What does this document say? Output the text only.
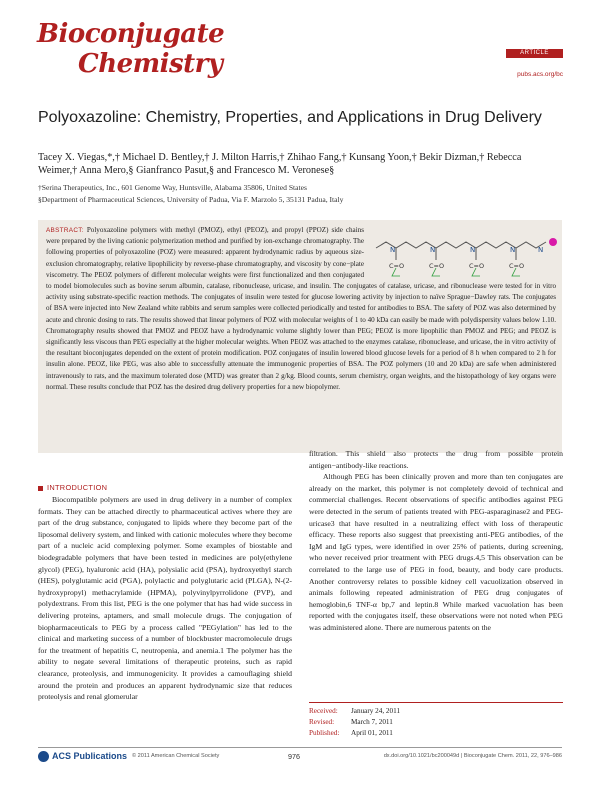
Bioconjugate
Chemistry	ARTICLE
pubs.acs.org/bc
Polyoxazoline: Chemistry, Properties, and Applications in Drug Delivery
Tacey X. Viegas,*,† Michael D. Bentley,† J. Milton Harris,† Zhihao Fang,† Kunsang Yoon,† Bekir Dizman,† Rebecca Weimer,† Anna Mero,§ Gianfranco Pasut,§ and Francesco M. Veronese§
†Serina Therapeutics, Inc., 601 Genome Way, Huntsville, Alabama 35806, United States
§Department of Pharmaceutical Sciences, University of Padua, Via F. Marzolo 5, 35131 Padua, Italy
ABSTRACT: Polyoxazoline polymers with methyl (PMOZ), ethyl (PEOZ), and propyl (PPOZ) side chains were prepared by the living cationic polymerization method and purified by ion-exchange chromatography. The following properties of polyoxazoline (POZ) were measured: apparent hydrodynamic radius by aqueous size-exclusion chromatography, relative lipophilicity by reverse-phase chromatography, and viscosity by cone−plate viscometry. The PEOZ polymers of different molecular weights were first functionalized and then conjugated to model biomolecules such as bovine serum albumin, catalase, ribonuclease, uricase, and insulin. The conjugates of catalase, uricase, and ribonuclease were tested for in vitro activity using substrate-specific reaction methods. The conjugates of insulin were tested for glucose lowering activity by injection to naïve Sprague−Dawley rats. The conjugates of BSA were injected into New Zealand white rabbits and serum samples were collected periodically and tested for antibodies to BSA. The safety of POZ was also determined by acute and chronic dosing to rats. The results showed that linear polymers of POZ with molecular weights of 1 to 40 kDa can easily be made with polydispersity values below 1.10. Chromatography results showed that PMOZ and PEOZ have a hydrodynamic volume slightly lower than PEG; PEOZ is more lipophilic than PMOZ and PEG; and PEOZ is significantly less viscous than PEG especially at the higher molecular weights. When PEOZ was attached to the enzymes catalase, ribonuclease, and uricase, the in vitro activity of the resultant bioconjugates depended on the extent of protein modification. POZ conjugates of insulin lowered blood glucose levels for a period of 8 h when compared to 2 h for insulin alone. PEOZ, like PEG, was also able to successfully attenuate the immunogenic properties of BSA. The POZ polymers (10 and 20 kDa) are safe when administered intravenously to rats, and the maximum tolerated dose (MTD) was greater than 2 g/kg. Blood counts, serum chemistry, organ weights, and the histopathology of key organs were normal. These results conclude that POZ has the desired drug delivery properties for a new biopolymer.
N	N	N	N	N
C=O	C=O	C=O	C=O
INTRODUCTION

Biocompatible polymers are used in drug delivery in a number of complex formats. They can be attached directly to pharmaceutical actives where they are part of the drug substance, conjugated to lipids where they become part of the liposomal delivery system, and linked with cationic molecules where they become part of a nucleic acid complexing polymer. Some examples of biostable and biodegradable polymers that have been tested in medicines are poly(ethylene glycol) (PEG), hyaluronic acid (HA), polysialic acid (PSA), hydroxyethyl starch (HES), polyglutamic acid (PGA), polylactic and polyglutaric acid (PLGA), N-(2-hydroxypropyl) methacrylamide (HPMA), polyvinylpyrrolidone (PVP), and polydextrans. From this list, PEG is the one polymer that has had wide success in delivering proteins, aptamers, and small molecule drugs. The conjugation of biopharmaceuticals to PEG by a process called "PEGylation" has led to the clinical and marketing success of a number of blockbuster macromolecule drugs for the treatment of hepatitis C, neutropenia, and anemia.1 The polymer has the ability to negate several limitations of therapeutic proteins, such as rapid clearance, proteolysis, and immunogenicity. It provides a camouflaging shield around the protein and produces an apparent hydrodynamic size that reduces proteolysis and renal glomerular

filtration. This shield also protects the drug from possible protein antigen−antibody-like reactions.

Although PEG has been clinically proven and more than ten conjugates are already on the market, this polymer is not completely devoid of technical and commercial challenges. Recent observations of specific antibodies against PEG were detected in the serum of patients treated with PEG-asparaginase2 and PEG-uricase3 that have resulted in a neutralizing effect with loss of therapeutic efficacy. These reports also suggest that preexisting anti-PEG antibodies, of the IgM and IgG types, were identified in over 25% of patients, during screening, who never received prior treatment with PEG drugs.4,5 This observation can be correlated to the large use of PEG in food, beauty, and body care products. Another controversy relates to possible kidney cell vacuolization observed in animals following repeated administration of PEG drug conjugates of hemoglobin,6 TNF-α bp,7 and leptin.8 While marked vacuolation has been reported with the conjugates itself, these observations were not noted when PEG was administered alone. There are numerous patents on the

Received:	January 24, 2011
Revised:	March 7, 2011
Published:	April 01, 2011
ACS Publications © 2011 American Chemical Society	976	dx.doi.org/10.1021/bc200049d | Bioconjugate Chem. 2011, 22, 976–986
